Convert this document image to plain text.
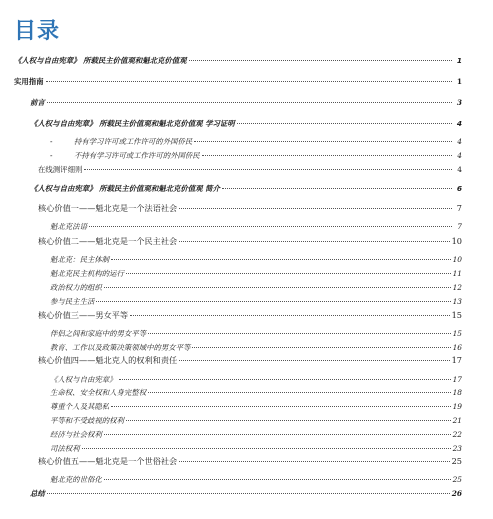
目录
《人权与自由宪章》 所载民主价值观和魁北克价值观	1
实用指南	1
前言	3
《人权与自由宪章》 所载民主价值观和魁北克价值观 学习证明	4
-	持有学习许可或工作许可的外国侨民	4
-	不持有学习许可或工作许可的外国侨民	4
在线测评细则	4
《人权与自由宪章》 所载民主价值观和魁北克价值观 简介	6
核心价值一——魁北克是一个法语社会	7
魁北克法语	7
核心价值二——魁北克是一个民主社会	10
魁北克：民主体制	10
魁北克民主机构的运行	11
政治权力的组织	12
参与民主生活	13
核心价值三——男女平等	15
伴侣之间和家庭中的男女平等	15
教育、工作以及政策决策领域中的男女平等	16
核心价值四——魁北克人的权利和责任	17
《人权与自由宪章》	17
生命权、安全权和人身完整权	18
尊重个人及其隐私	19
平等和不受歧视的权利	21
经济与社会权利	22
司法权利	23
核心价值五——魁北克是一个世俗社会	25
魁北克的世俗化	25
总结	26
